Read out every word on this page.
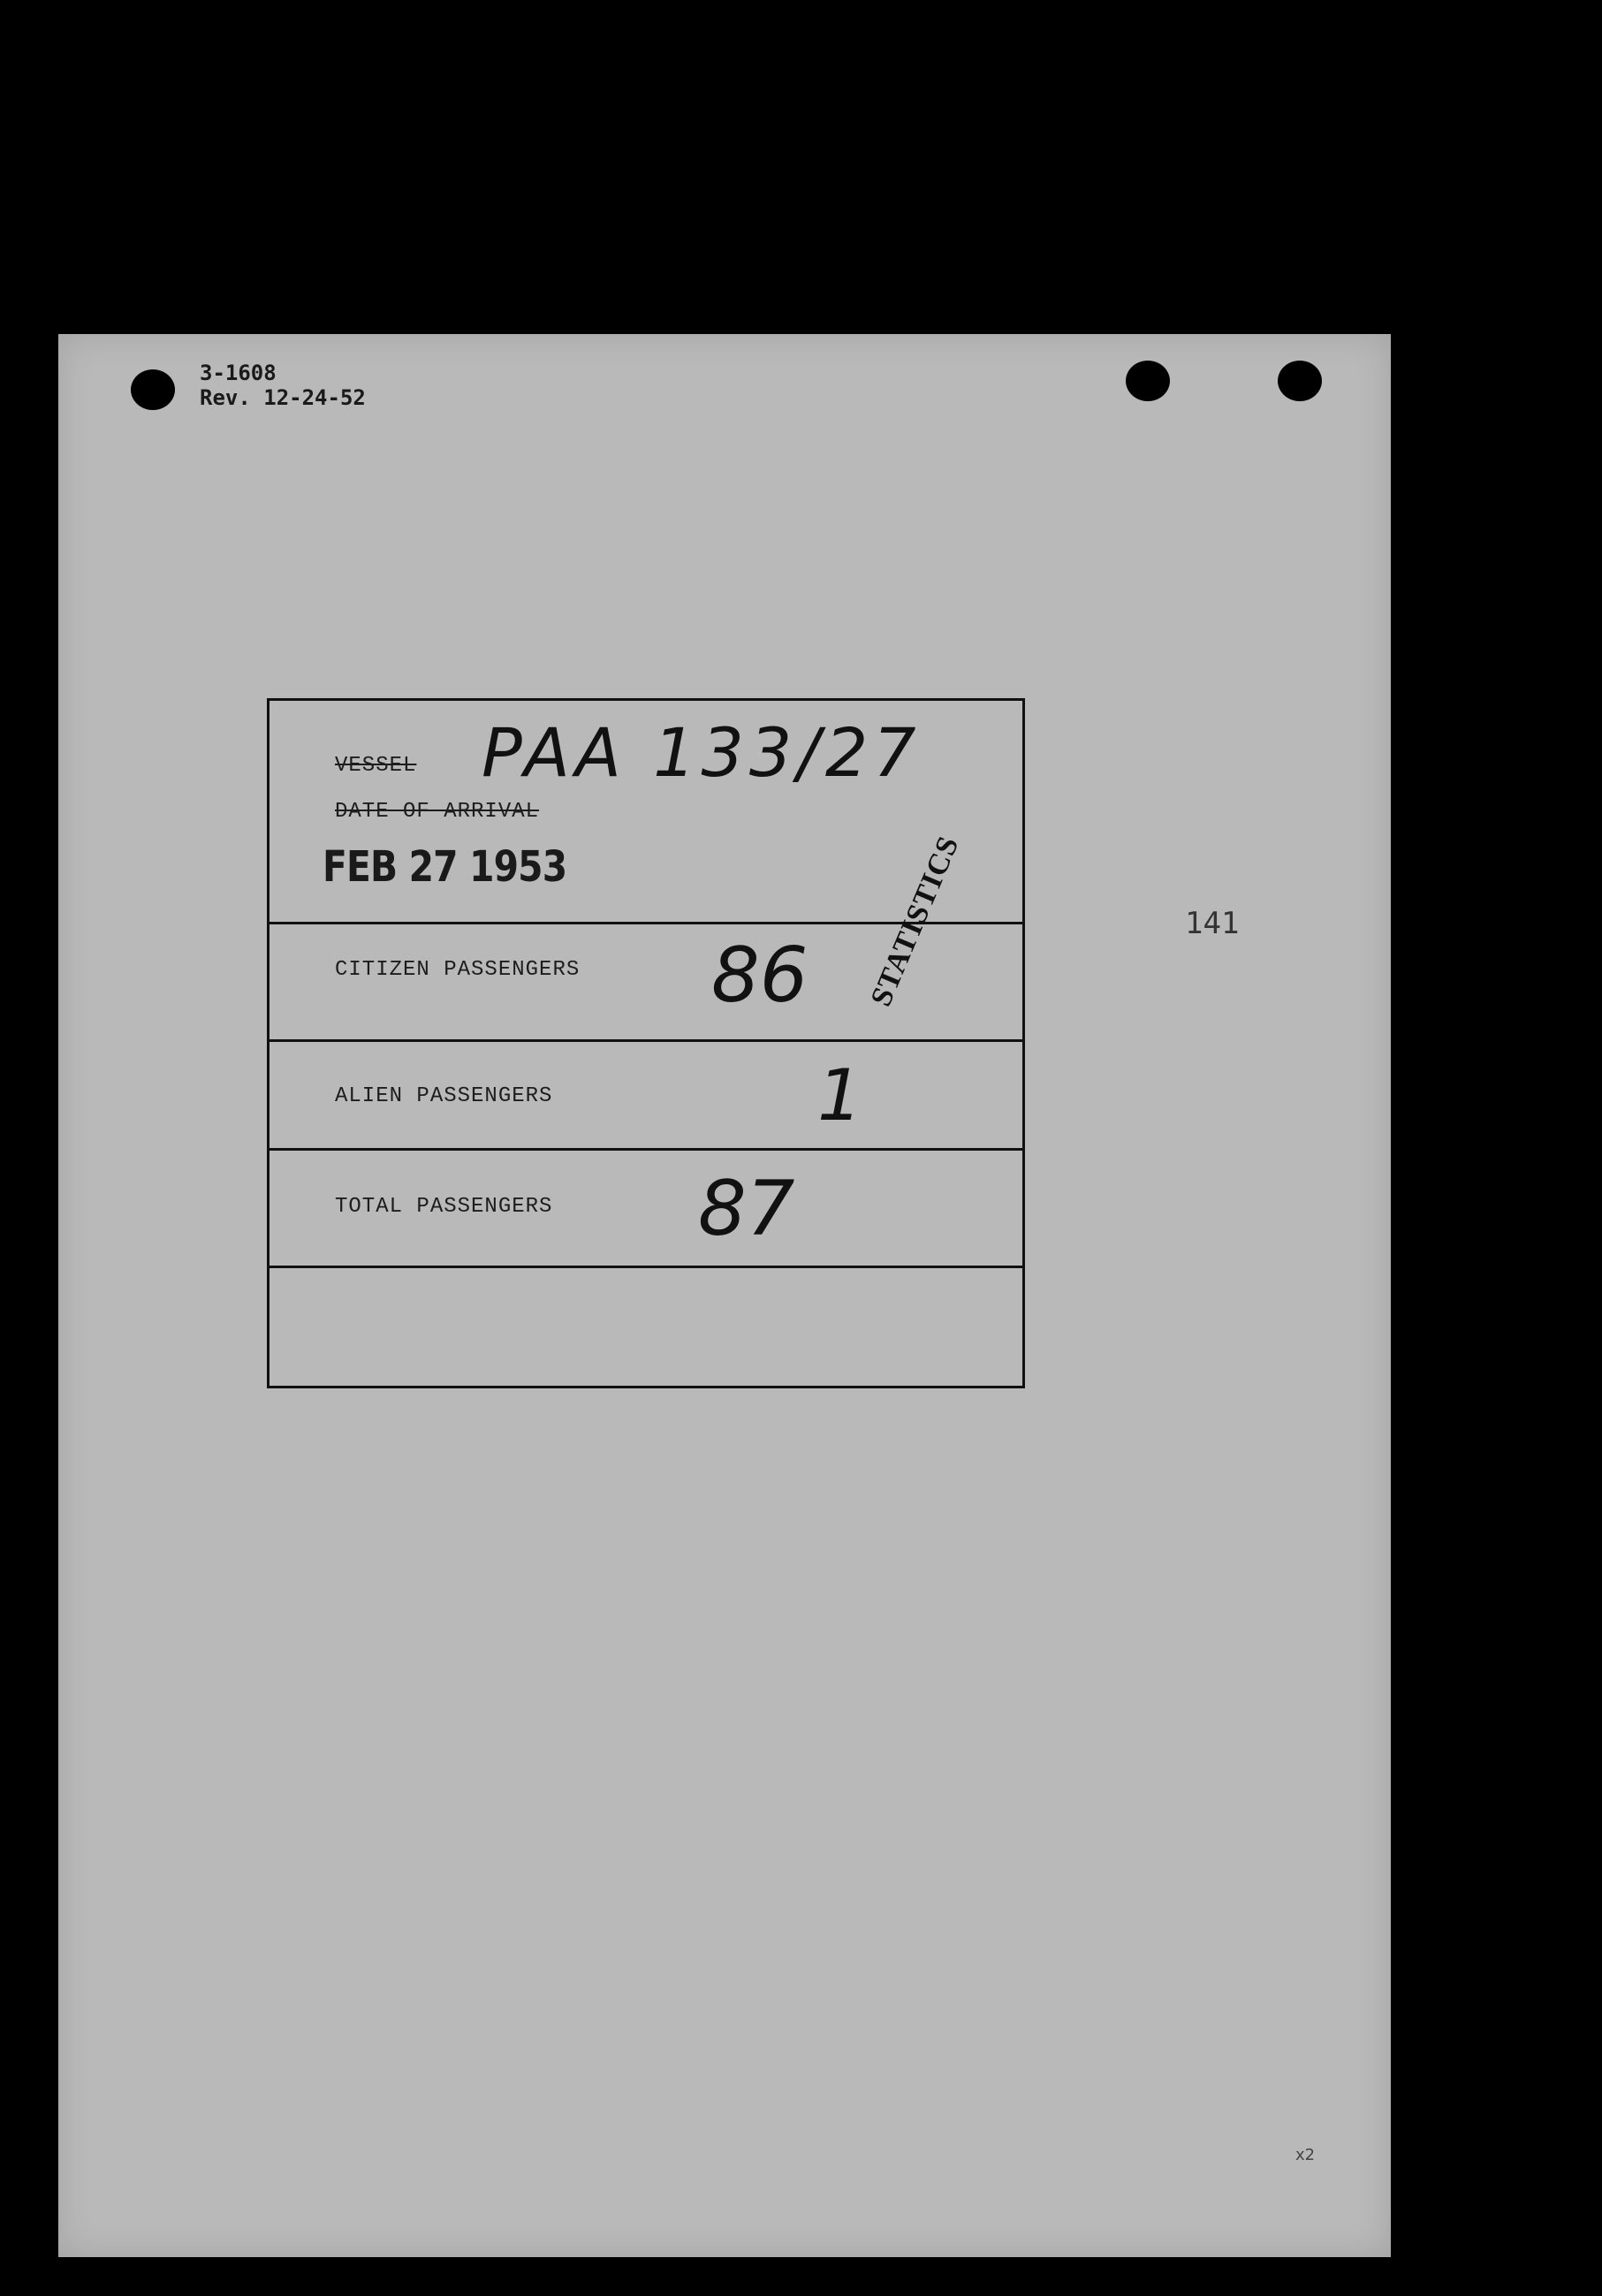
3-1608
Rev. 12-24-52
STATISTICS	141
x2
VESSEL PAA 133/27
DATE OF ARRIVAL
FEB 27 1953
CITIZEN PASSENGERS 86
ALIEN PASSENGERS	1
TOTAL PASSENGERS 87
